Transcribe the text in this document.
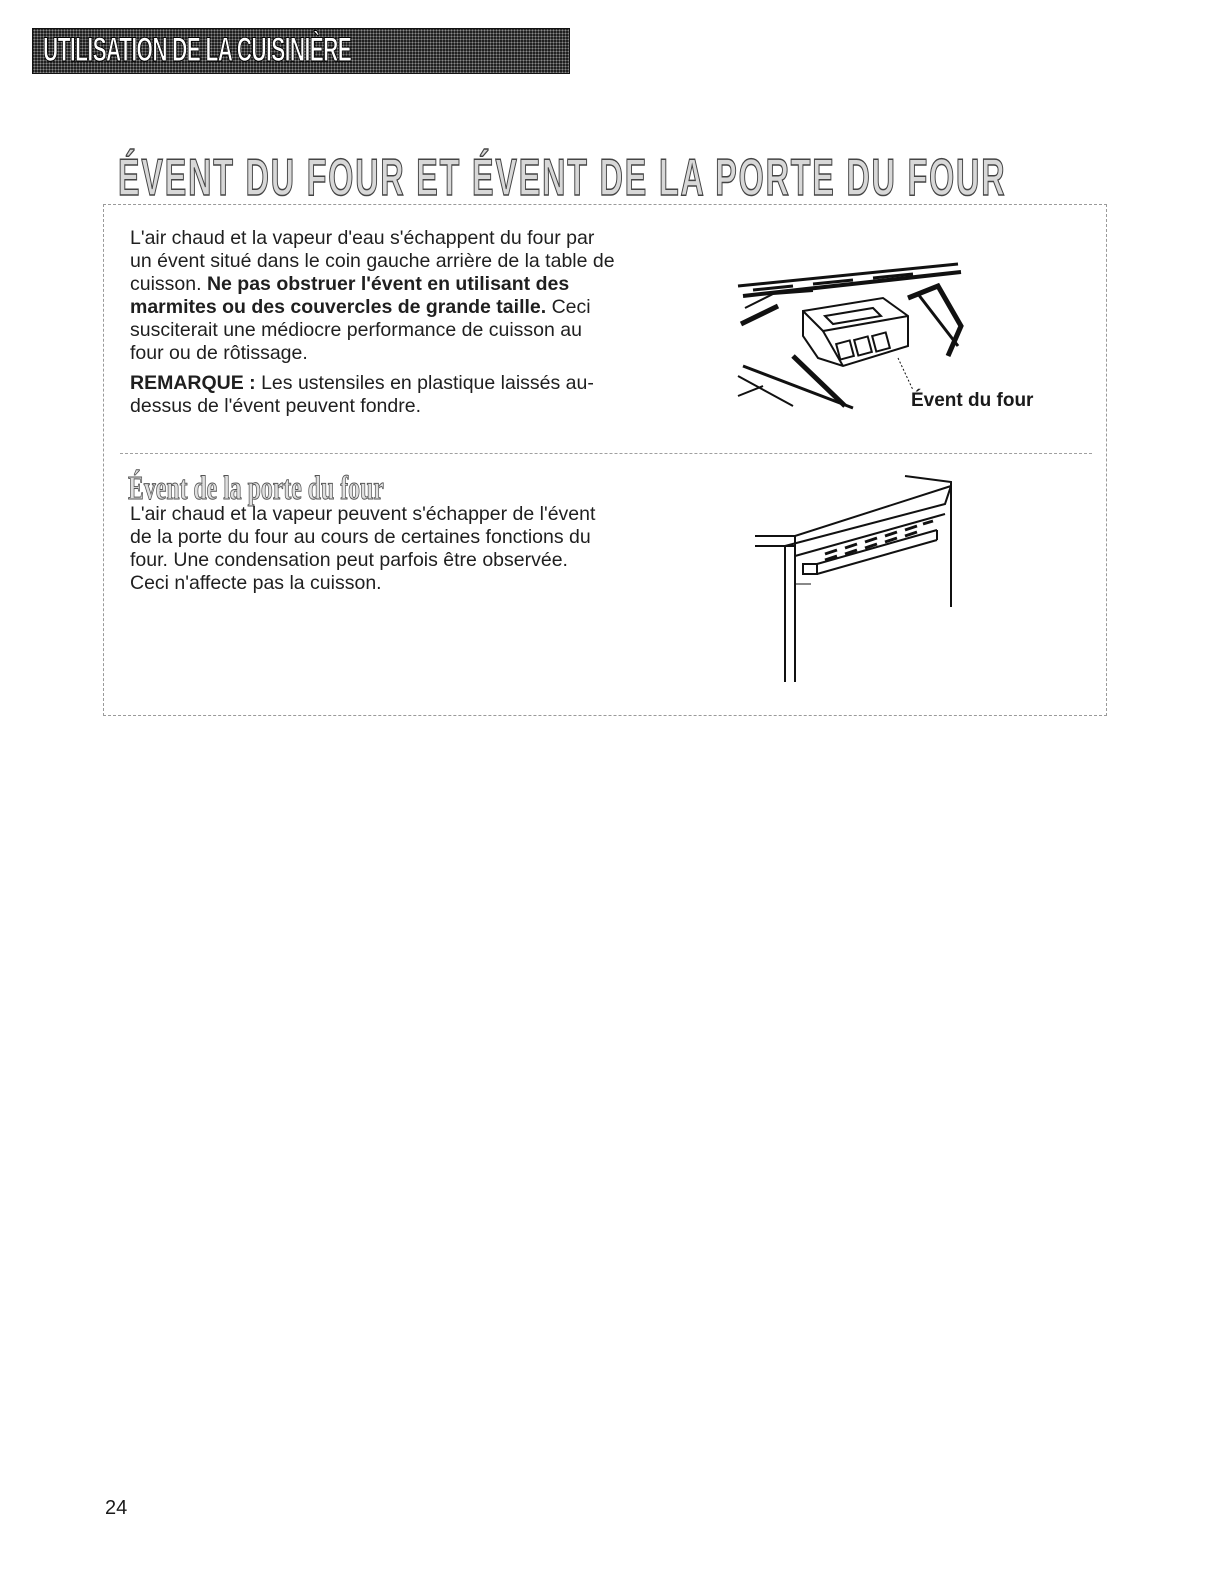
UTILISATION DE LA CUISINIÈRE
ÉVENT DU FOUR ET ÉVENT DE LA PORTE DU FOUR

L'air chaud et la vapeur d'eau s'échappent du four par un évent situé dans le coin gauche arrière de la table de cuisson. Ne pas obstruer l'évent en utilisant des marmites ou des couvercles de grande taille. Ceci susciterait une médiocre performance de cuisson au four ou de rôtissage.

REMARQUE : Les ustensiles en plastique laissés au-dessus de l'évent peuvent fondre.	Évent du four
Évent de la porte du four

L'air chaud et la vapeur peuvent s'échapper de l'évent de la porte du four au cours de certaines fonctions du four. Une condensation peut parfois être observée. Ceci n'affecte pas la cuisson.

24
